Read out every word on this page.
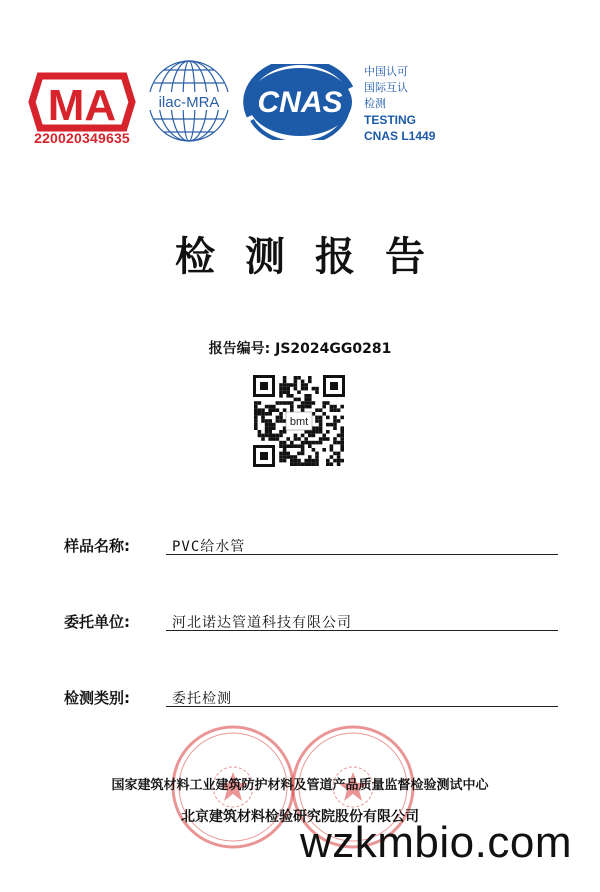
MA
220020349635
ilac-MRA CNAS
中国认可
国际互认
检测
TESTING
CNAS L1449
检测报告
报告编号: JS2024GG0281
bmt
样品名称:	PVC给水管
委托单位:	河北诺达管道科技有限公司
检测类别:	委托检测
国家建筑材料工业建筑防护材料及管道产品质量监督检验测试中心
北京建筑材料检验研究院股份有限公司
wzkmbio.com
